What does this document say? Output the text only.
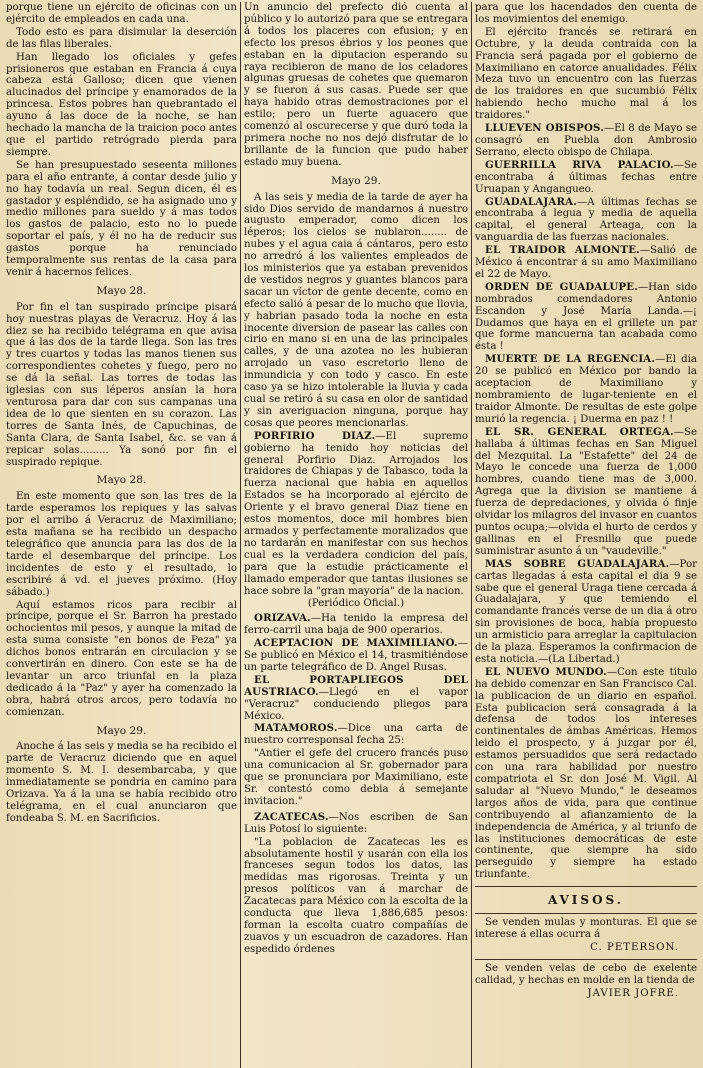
porque tiene un ejército de oficinas con un ejército de empleados en cada una.

Todo esto es para disimular la deserción de las filas liberales.

Han llegado los oficiales y gefes prisioneros que estaban en Francia á cuya cabeza está Galloso; dicen que vienen alucinados del príncipe y enamorados de la princesa. Estos pobres han quebrantado el ayuno á las doce de la noche, se han hechado la mancha de la traicion poco antes que el partido retrógrado pierda para siempre.

Se han presupuestado seseenta millones para el año entrante, á contar desde julio y no hay todavía un real. Segun dicen, él es gastador y espléndido, se ha asignado uno y medio millones para sueldo y á mas todos los gastos de palacio, esto no lo puede soportar el país, y él no ha de reducir sus gastos porque ha renunciado temporalmente sus rentas de la casa para venir á hacernos felices.

Mayo 28.

Por fin el tan suspirado príncipe pisará hoy nuestras playas de Veracruz. Hoy á las diez se ha recibido telégrama en que avisa que á las dos de la tarde llega. Son las tres y tres cuartos y todas las manos tienen sus correspondientes cohetes y fuego, pero no se dá la señal. Las torres de todas las iglesias con sus léperos ansían la hora venturosa para dar con sus campanas una idea de lo que sienten en su corazon. Las torres de Santa Inés, de Capuchinas, de Santa Clara, de Santa Isabel, &c. se van á repicar solas......... Ya sonó por fin el suspirado repique.

Mayo 28.

En este momento que son las tres de la tarde esperamos los repiques y las salvas por el arribo á Veracruz de Maximiliano; esta mañana se ha recibido un despacho telegráfico que anuncia para las dos de la tarde el desembarque del príncipe. Los incidentes de esto y el resultado, lo escribiré á vd. el jueves próximo. (Hoy sábado.)

Aquí estamos ricos para recibir al príncipe, porque el Sr. Barron ha prestado ochocientos mil pesos, y aunque la mitad de esta suma consiste "en bonos de Peza" ya dichos bonos entrarán en circulacion y se convertirán en dinero. Con este se ha de levantar un arco triunfal en la plaza dedicado á la "Paz" y ayer ha comenzado la obra, habrá otros arcos, pero todavía no comienzan.

Mayo 29.

Anoche á las seis y media se ha recibido el parte de Veracruz diciendo que en aquel momento S. M. I. desembarcaba, y que inmediatamente se pondria en camino para Orizava. Ya á la una se había recibido otro telégrama, en el cual anunciaron que fondeaba S. M. en Sacrificios.

Un anuncio del prefecto dió cuenta al público y lo autorizó para que se entregara á todos los placeres con efusion; y en efecto los presos ébrios y los peones que estaban en la diputacion esperando su raya recibieron de mano de los celadores algunas gruesas de cohetes que quemaron y se fueron á sus casas. Puede ser que haya habido otras demostraciones por el estilo; pero un fuerte aguacero que comenzó al oscurecerse y que duró toda la primera noche no nos dejó disfrutar de lo brillante de la funcion que pudo haber estado muy buena.

Mayo 29.

A las seis y media de la tarde de ayer ha sido Dios servido de mandarnos á nuestro augusto emperador, como dicen los léperos; los cielos se nublaron........ de nubes y el agua caia á cántaros, pero esto no arredró á los valientes empleados de los ministerios que ya estaban prevenidos de vestidos negros y guantes blancos para sacar un víctor de gente decente, como en efecto salió á pesar de lo mucho que llovia, y habrian pasado toda la noche en esta inocente diversion de pasear las calles con cirio en mano si en una de las principales calles, y de una azotea no les hubieran arrojado un vaso escretorio lleno de inmundicia y con todo y casco. En este caso ya se hizo intolerable la lluvia y cada cual se retiró á su casa en olor de santidad y sin averiguacion ninguna, porque hay cosas que peores mencionarlas.

PORFIRIO DIAZ.—El supremo gobierno ha tenido hoy noticias del general Porfirio Diaz. Arrojados los traidores de Chiapas y de Tabasco, toda la fuerza nacional que habia en aquellos Estados se ha incorporado al ejército de Oriente y el bravo general Diaz tiene en estos momentos, doce mil hombres bien armados y perfectamente moralizados que no tardarán en manifestar con sus hechos cual es la verdadera condicion del país, para que la estudie prácticamente el llamado emperador que tantas ilusiones se hace sobre la "gran mayoría" de la nacion.

(Periódico Oficial.)

ORIZAVA.—Ha tenido la empresa del ferro-carril una baja de 900 operarios.

ACEPTACION DE MAXIMILIANO.—Se publicó en México el 14, trasmitiéndose un parte telegráfico de D. Angel Rusas.

EL PORTAPLIEGOS DEL AUSTRIACO.—Llegó en el vapor "Veracruz" conduciendo pliegos para México.

MATAMOROS.—Dice una carta de nuestro corresponsal fecha 25:

"Antier el gefe del crucero francés puso una comunicacion al Sr. gobernador para que se pronunciara por Maximiliano, este Sr. contestó como debia á semejante invitacion."

ZACATECAS.—Nos escriben de San Luis Potosí lo siguiente:

"La poblacion de Zacatecas les es absolutamente hostil y usarán con ella los franceses segun todos los datos, las medidas mas rigorosas. Treinta y un presos políticos van á marchar de Zacatecas para México con la escolta de la conducta que lleva 1,886,685 pesos: forman la escolta cuatro compañías de zuavos y un escuadron de cazadores. Han espedido órdenes

para que los hacendados den cuenta de los movimientos del enemigo.

El ejército francés se retirará en Octubre, y la deuda contraida con la Francia será pagada por el gobierno de Maximiliano en catorce anualidades. Félix Meza tuvo un encuentro con las fuerzas de los traidores en que sucumbió Félix habiendo hecho mucho mal á los traidores."

LLUEVEN OBISPOS.—El 8 de Mayo se consagró en Puebla don Ambrosio Serrano, electo obispo de Chilapa.

GUERRILLA RIVA PALACIO.—Se encontraba á últimas fechas entre Uruapan y Angangueo.

GUADALAJARA.—A últimas fechas se encontraba á legua y media de aquella capital, el general Arteaga, con la vanguardia de las fuerzas nacionales.

EL TRAIDOR ALMONTE.—Salió de México á encontrar á su amo Maximiliano el 22 de Mayo.

ORDEN DE GUADALUPE.—Han sido nombrados comendadores Antonio Escandon y José María Landa.—¡ Dudamos que haya en el grillete un par que forme mancuerna tan acabada como ésta !

MUERTE DE LA REGENCIA.—El dia 20 se publicó en México por bando la aceptacion de Maximiliano y nombramiento de lugar-teniente en el traidor Almonte. De resultas de este golpe murió la regencia. ¡ Duerma en paz ! !

EL SR. GENERAL ORTEGA.—Se hallaba á últimas fechas en San Miguel del Mezquital. La "Estafette" del 24 de Mayo le concede una fuerza de 1,000 hombres, cuando tiene mas de 3,000. Agrega que la division se mantiene á fuerza de depredaciones, y olvida ó finje olvidar los milagros del invasor en cuantos puntos ocupa;—olvida el hurto de cerdos y gallinas en el Fresnillo que puede suministrar asunto á un "vaudeville."

MAS SOBRE GUADALAJARA.—Por cartas llegadas á esta capital el dia 9 se sabe que el general Uraga tiene cercada á Guadalajara, y que temiendo el comandante francés verse de un dia á otro sin provisiones de boca, había propuesto un armisticio para arreglar la capitulacion de la plaza. Esperamos la confirmacion de esta noticia.—(La Libertad.)

EL NUEVO MUNDO.—Con este titulo ha debido comenzar en San Francisco Cal. la publicacion de un diario en español. Esta publicacion será consagrada á la defensa de todos los intereses continentales de ámbas Américas. Hemos leido el prospecto, y á juzgar por él, estamos persuadidos que será redactado con una rara habilidad por nuestro compatriota el Sr. don José M. Vigil. Al saludar al "Nuevo Mundo," le deseamos largos años de vida, para que continue contribuyendo al afianzamiento de la independencia de América, y al triunfo de las instituciones democráticas de este continente, que siempre ha sido perseguido y siempre ha estado triunfante.

AVISOS.

Se venden mulas y monturas. El que se interese á ellas ocurra á

C. PETERSON.

Se venden velas de cebo de exelente calidad, y hechas en molde en la tienda de

JAVIER JOFRE.
